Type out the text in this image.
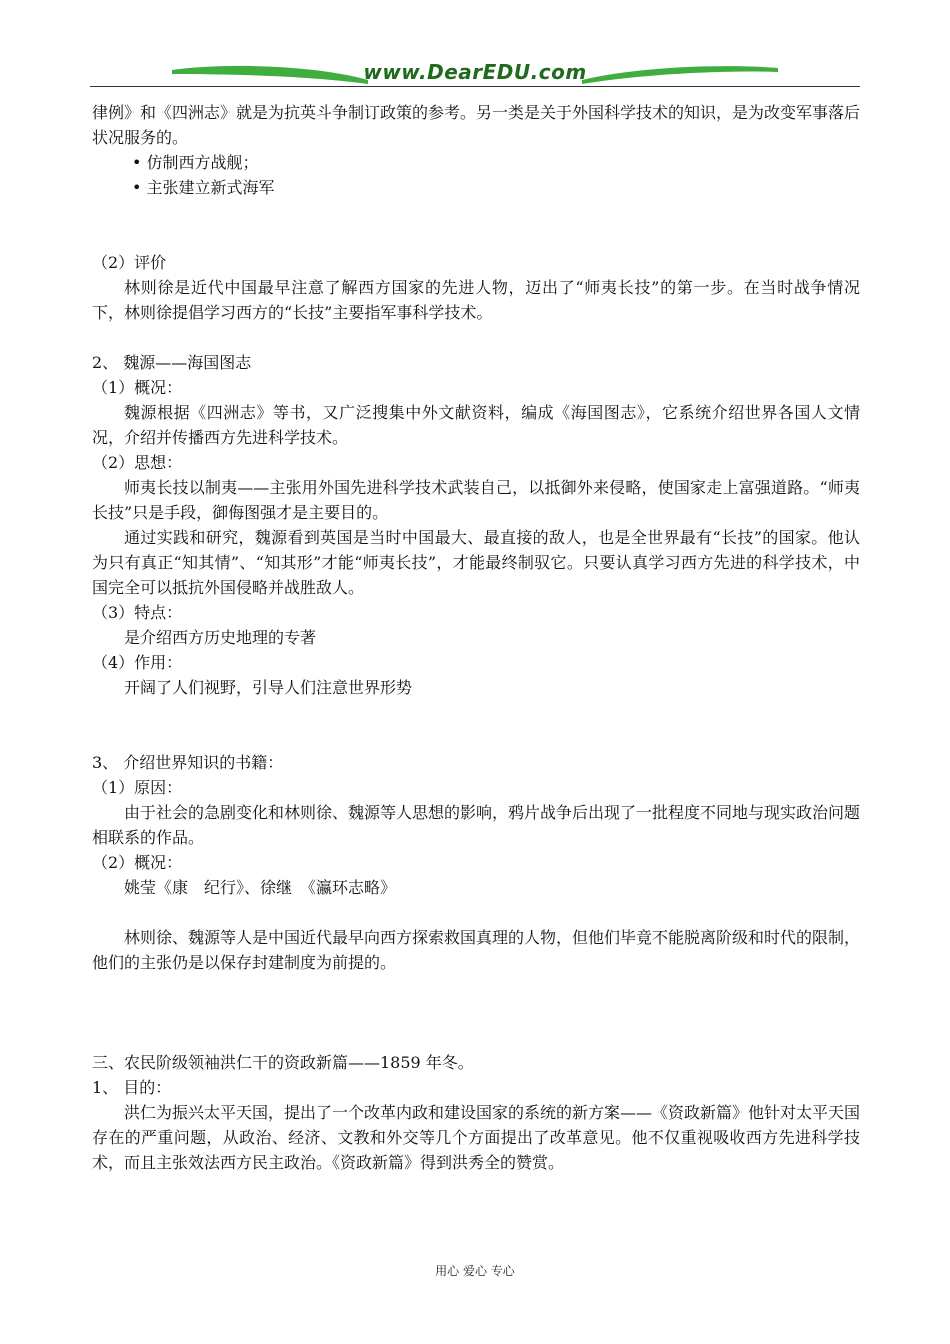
www.DearEDU.com

律例》和《四洲志》就是为抗英斗争制订政策的参考。另一类是关于外国科学技术的知识，是为改变军事落后状况服务的。

• 仿制西方战舰；

• 主张建立新式海军

（2）评价

林则徐是近代中国最早注意了解西方国家的先进人物，迈出了“师夷长技”的第一步。在当时战争情况下，林则徐提倡学习西方的“长技”主要指军事科学技术。

2、 魏源——海国图志

（1）概况：

魏源根据《四洲志》等书，又广泛搜集中外文献资料，编成《海国图志》，它系统介绍世界各国人文情况，介绍并传播西方先进科学技术。

（2）思想：

师夷长技以制夷——主张用外国先进科学技术武装自己，以抵御外来侵略，使国家走上富强道路。“师夷长技”只是手段，御侮图强才是主要目的。

通过实践和研究，魏源看到英国是当时中国最大、最直接的敌人，也是全世界最有“长技”的国家。他认为只有真正“知其情”、“知其形”才能“师夷长技”，才能最终制驭它。只要认真学习西方先进的科学技术，中国完全可以抵抗外国侵略并战胜敌人。

（3）特点：

是介绍西方历史地理的专著

（4）作用：

开阔了人们视野，引导人们注意世界形势

3、 介绍世界知识的书籍：

（1）原因：

由于社会的急剧变化和林则徐、魏源等人思想的影响，鸦片战争后出现了一批程度不同地与现实政治问题相联系的作品。

（2）概况：

姚莹《康　纪行》、徐继　《瀛环志略》

林则徐、魏源等人是中国近代最早向西方探索救国真理的人物，但他们毕竟不能脱离阶级和时代的限制，他们的主张仍是以保存封建制度为前提的。

三、农民阶级领袖洪仁干的资政新篇——1859 年冬。

1、 目的：

洪仁为振兴太平天国，提出了一个改革内政和建设国家的系统的新方案——《资政新篇》他针对太平天国存在的严重问题，从政治、经济、文教和外交等几个方面提出了改革意见。他不仅重视吸收西方先进科学技术，而且主张效法西方民主政治。《资政新篇》得到洪秀全的赞赏。

用心 爱心 专心
